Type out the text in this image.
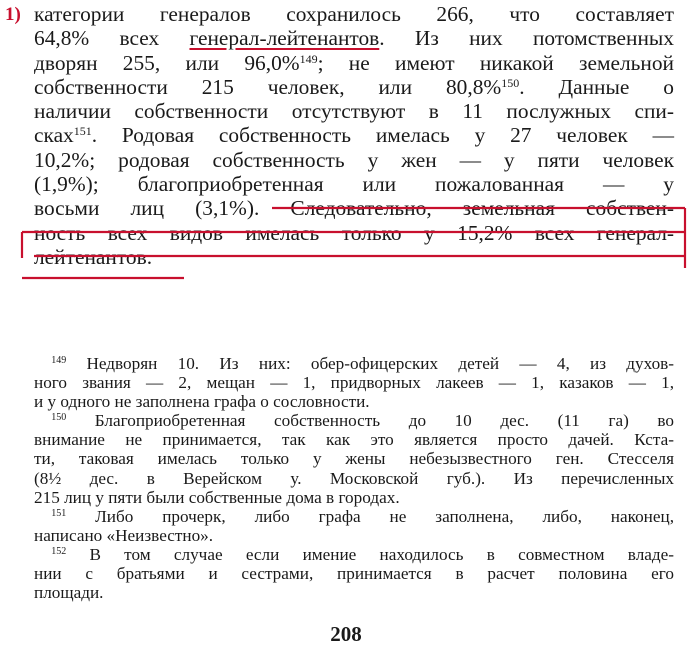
1) категории генералов сохранилось 266, что составляет
64,8% всех генерал-лейтенантов. Из них потомственных
дворян 255, или 96,0%$^{149}$; не имеют никакой земельной
собственности 215 человек, или 80,8%$^{150}$. Данные о
наличии собственности отсутствуют в 11 послужных спи-
сках$^{151}$. Родовая собственность имелась у 27 человек —
10,2%; родовая собственность у жен — у пяти человек
(1,9%); благоприобретенная или пожалованная — у
восьми лиц (3,1%). Следовательно, земельная собствен-
ность всех видов имелась только у 15,2% всех генерал-
лейтенантов.
 $^{149}$ Недворян 10. Из них: обер-офицерских детей — 4, из духов-
ного звания — 2, мещан — 1, придворных лакеев — 1, казаков — 1,
и у одного не заполнена графа о сословности.
 $^{150}$ Благоприобретенная собственность до 10 дес. (11 га) во
внимание не принимается, так как это является просто дачей. Кста-
ти, таковая имелась только у жены небезызвестного ген. Стесселя
(8½ дес. в Верейском у. Московской губ.). Из перечисленных
215 лиц у пяти были собственные дома в городах.
 $^{151}$ Либо прочерк, либо графа не заполнена, либо, наконец,
написано «Неизвестно».
 $^{152}$ В том случае если имение находилось в совместном владе-
нии с братьями и сестрами, принимается в расчет половина его
площади.
208
